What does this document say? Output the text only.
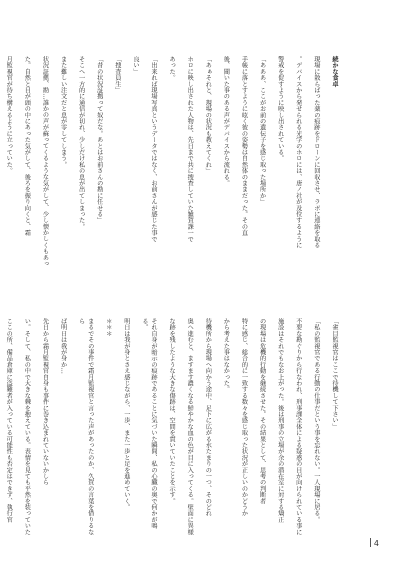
続かな食卓

現場に散らばった薬の痕跡をドローンに回収させ、ラボに連絡を取る

。デバイスから発せられる光学のホロには、唐ノ社が及位するように

警戒を促すように映し出されている。

「あああ、ここがお前の遺伝子を感じ取った場所か」

手帳に落とすように呟く彼の姿勢は自然体のままだった。その直

後、聞いた事のある声がデバイスから流れる。

「あぁそれと、現場の状況も教えてくれ」

ホロに映し出された人物は、先日まで共に捜査していた雑賀課一で

あった。

「出来れば現場写真というデータではなく、お前さんが感じた事で

良い」

「捜査員生」

「昔の状況証拠って奴だな。あとはお前さんの勘に任せる」

そこへ一方的に通信が切れ、少しだけ私の息が出てしまった。

また難しい注文だと息が零してしまう。

状況証拠、勘…誰かの声が蘇ってくるような気がして、少し懐かしくもあっ

た。自然と目が頭の中にあった気がして、後ろを振り向くと、霜

月監視官が待ち構えるように立っていた。

「雀目監視官はここで待機して下さい」

「私の監視官である行動の仕事だという事を忘れない。一人現場に居る。

不要な勘ぐりから行なわれ、刑事課全体による疑惑の目が向けられている事に

施設はそれでもなお上がった。後は刑事の立場が余の潜在室に対する矯正

の現場は危機的行動を継続させた。その結果として、思考の判断者

特に感じ、総合的に一致する数々を感じ取った状況が正しいのかどうか

から考えた事はなかった。

待機所から現場へ向かう途中、足下に広がる水たまりの一つ、そのどれ

奥へ進むと、ますます濃くなる鮮やかな血の色が目に入ってくる。壁面に異様

な跡を残したような大きな傷跡は、空間を貫いていたことを示す。

それ自身が暗示の痕跡であることに気づいた瞬間、私の心臓の奥で何かが鳴る。

明日は我が身とさえ感じながら、一歩、また一歩と足を進めていく。

＊＊＊

まるでその事件で霜月監視官と言った声があったのか、久賀の言葉を借りるなら

ば明日は我が身か…

先日から霜月監視官自身も事件に巻き込まれていないかしら

い。そして、私の中で大きな棘を抱えている。表情を見ても平然を装っていた

ここの所、備品倉庫に盗難者が入っている可能性も否定はできず、執行官

4
